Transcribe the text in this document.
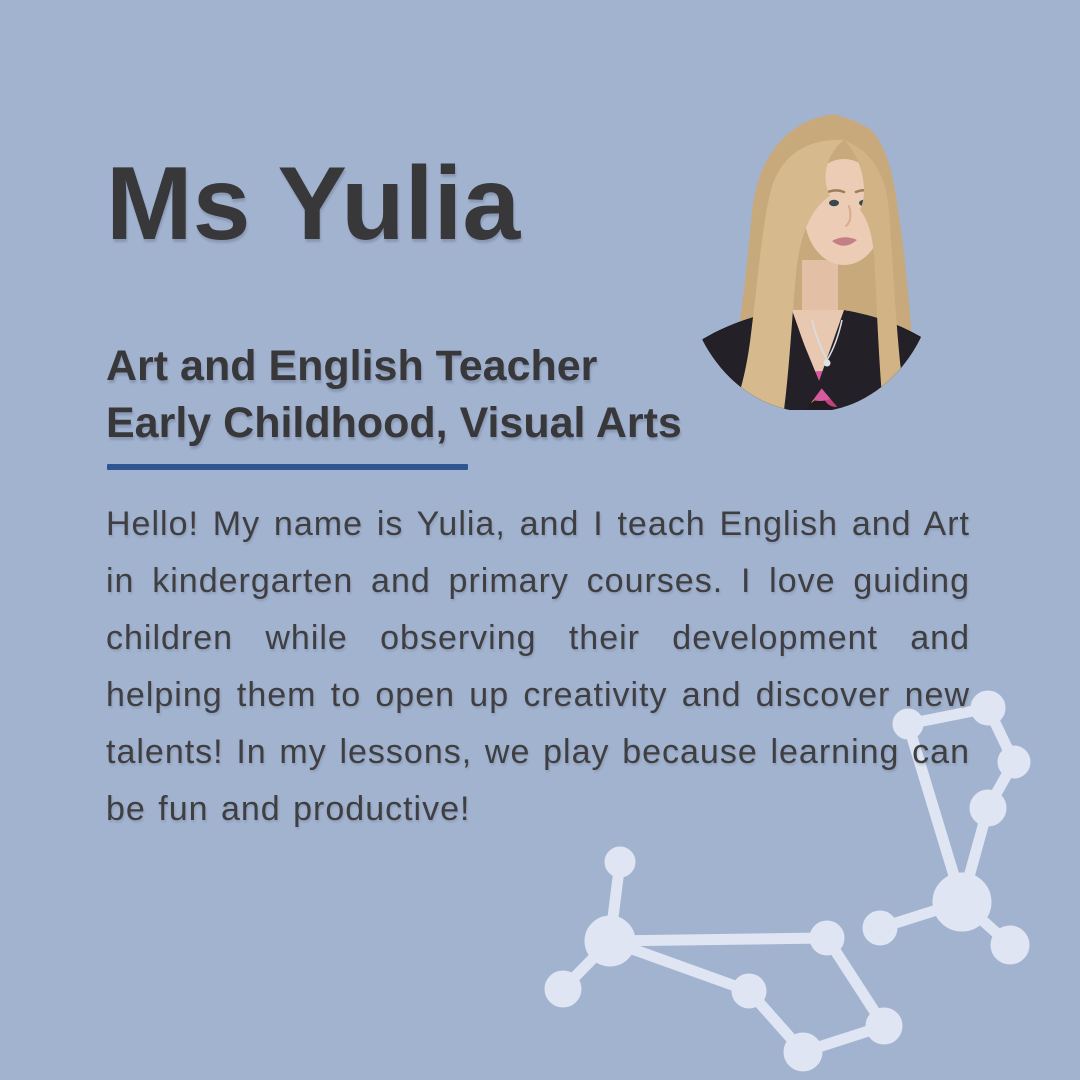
Ms Yulia
Art and English Teacher
Early Childhood, Visual Arts

Hello! My name is Yulia, and I teach English and Art in kindergarten and primary courses. I love guiding children while observing their development and helping them to open up creativity and discover new talents! In my lessons, we play because learning can be fun and productive!
